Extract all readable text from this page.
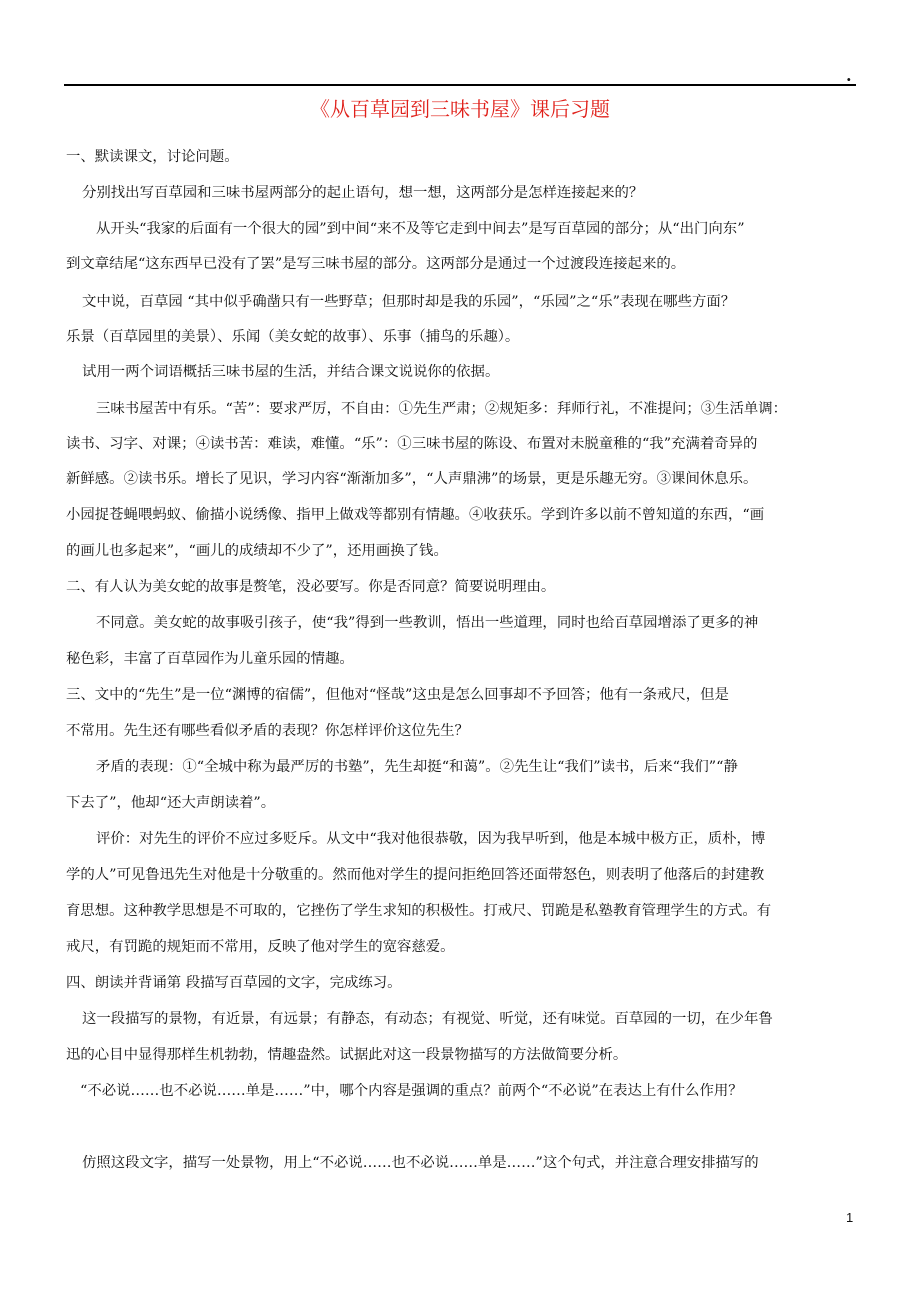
.
《从百草园到三味书屋》课后习题

一、默读课文，讨论问题。

分别找出写百草园和三味书屋两部分的起止语句，想一想，这两部分是怎样连接起来的？

从开头“我家的后面有一个很大的园”到中间“来不及等它走到中间去”是写百草园的部分；从“出门向东”

到文章结尾“这东西早已没有了罢”是写三味书屋的部分。这两部分是通过一个过渡段连接起来的。

文中说，百草园 “其中似乎确凿只有一些野草；但那时却是我的乐园”，“乐园”之“乐”表现在哪些方面？

乐景（百草园里的美景）、乐闻（美女蛇的故事）、乐事（捕鸟的乐趣）。

试用一两个词语概括三味书屋的生活，并结合课文说说你的依据。

三味书屋苦中有乐。“苦”：要求严厉，不自由：①先生严肃；②规矩多：拜师行礼，不准提问；③生活单调：

读书、习字、对课；④读书苦：难读，难懂。“乐”：①三味书屋的陈设、布置对未脱童稚的“我”充满着奇异的

新鲜感。②读书乐。增长了见识，学习内容“渐渐加多”，“人声鼎沸”的场景，更是乐趣无穷。③课间休息乐。

小园捉苍蝇喂蚂蚁、偷描小说绣像、指甲上做戏等都别有情趣。④收获乐。学到许多以前不曾知道的东西，“画

的画儿也多起来”，“画儿的成绩却不少了”，还用画换了钱。

二、有人认为美女蛇的故事是赘笔，没必要写。你是否同意？简要说明理由。

不同意。美女蛇的故事吸引孩子，使“我”得到一些教训，悟出一些道理，同时也给百草园增添了更多的神

秘色彩，丰富了百草园作为儿童乐园的情趣。

三、文中的“先生”是一位“渊博的宿儒”，但他对“怪哉”这虫是怎么回事却不予回答；他有一条戒尺，但是

不常用。先生还有哪些看似矛盾的表现？你怎样评价这位先生？

矛盾的表现：①“全城中称为最严厉的书塾”，先生却挺“和蔼”。②先生让“我们”读书，后来“我们”“静

下去了”，他却“还大声朗读着”。

评价：对先生的评价不应过多贬斥。从文中“我对他很恭敬，因为我早听到，他是本城中极方正，质朴，博

学的人”可见鲁迅先生对他是十分敬重的。然而他对学生的提问拒绝回答还面带怒色，则表明了他落后的封建教

育思想。这种教学思想是不可取的，它挫伤了学生求知的积极性。打戒尺、罚跪是私塾教育管理学生的方式。有

戒尺，有罚跪的规矩而不常用，反映了他对学生的宽容慈爱。

四、朗读并背诵第 段描写百草园的文字，完成练习。

这一段描写的景物，有近景，有远景；有静态，有动态；有视觉、听觉，还有味觉。百草园的一切，在少年鲁

迅的心目中显得那样生机勃勃，情趣盎然。试据此对这一段景物描写的方法做简要分析。

“不必说……也不必说……单是……”中，哪个内容是强调的重点？前两个“不必说”在表达上有什么作用？

仿照这段文字，描写一处景物，用上“不必说……也不必说……单是……”这个句式，并注意合理安排描写的

1
